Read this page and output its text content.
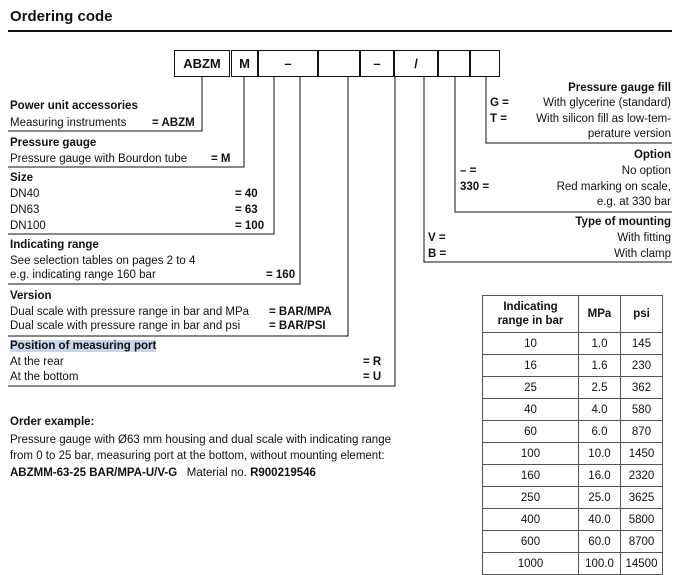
Ordering code
ABZM	M	–	–	/
Power unit accessories
Measuring instruments = ABZM
Pressure gauge
Pressure gauge with Bourdon tube = M
Size
DN40	= 40
DN63	= 63
DN100	= 100
Indicating range
See selection tables on pages 2 to 4
e.g. indicating range 160 bar	= 160
Version
Dual scale with pressure range in bar and MPa = BAR/MPA
Dual scale with pressure range in bar and psi	= BAR/PSI
Position of measuring port
At the rear	= R
At the bottom	= U
Pressure gauge fill
G =	With glycerine (standard)
T =	With silicon fill as low-tem-
perature version
Option
– =	No option
330 =	Red marking on scale,
e.g. at 330 bar
Type of mounting
V =	With fitting
B =	With clamp
Order example:
Pressure gauge with Ø63 mm housing and dual scale with indicating range
from 0 to 25 bar, measuring port at the bottom, without mounting element:
ABZMM-63-25 BAR/MPA-U/V-G Material no. R900219546
Indicating
range in bar	MPa	psi
10	1.0	145
16	1.6	230
25	2.5	362
40	4.0	580
60	6.0	870
100	10.0	1450
160	16.0	2320
250	25.0	3625
400	40.0	5800
600	60.0	8700
1000	100.0	14500
